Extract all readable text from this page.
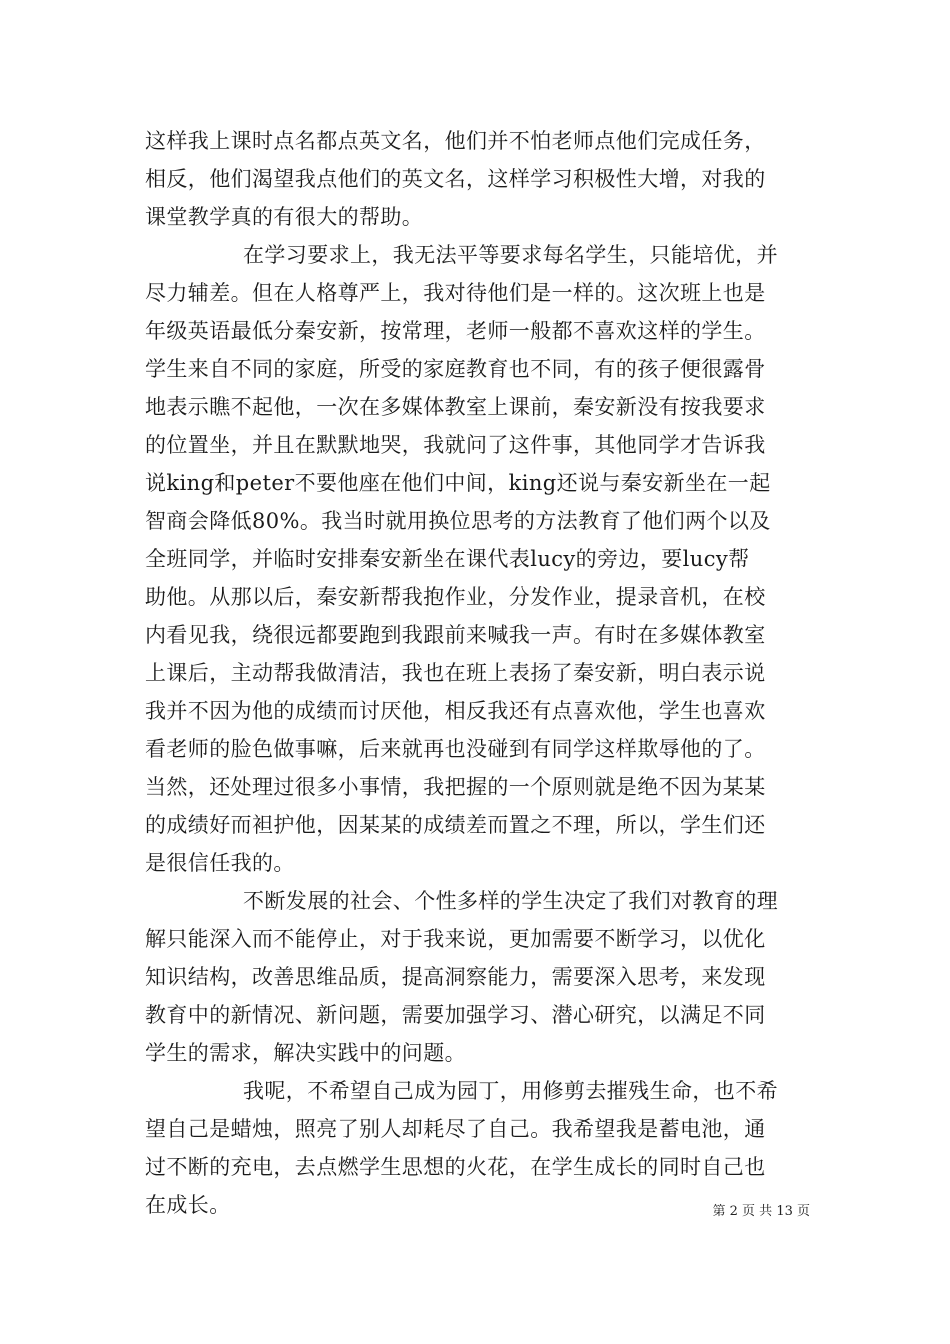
这样我上课时点名都点英文名，他们并不怕老师点他们完成任务，
相反，他们渴望我点他们的英文名，这样学习积极性大增，对我的
课堂教学真的有很大的帮助。
在学习要求上，我无法平等要求每名学生，只能培优，并
尽力辅差。但在人格尊严上，我对待他们是一样的。这次班上也是
年级英语最低分秦安新，按常理，老师一般都不喜欢这样的学生。
学生来自不同的家庭，所受的家庭教育也不同，有的孩子便很露骨
地表示瞧不起他，一次在多媒体教室上课前，秦安新没有按我要求
的位置坐，并且在默默地哭，我就问了这件事，其他同学才告诉我
说king和peter不要他座在他们中间，king还说与秦安新坐在一起
智商会降低80%。我当时就用换位思考的方法教育了他们两个以及
全班同学，并临时安排秦安新坐在课代表lucy的旁边，要lucy帮
助他。从那以后，秦安新帮我抱作业，分发作业，提录音机，在校
内看见我，绕很远都要跑到我跟前来喊我一声。有时在多媒体教室
上课后，主动帮我做清洁，我也在班上表扬了秦安新，明白表示说
我并不因为他的成绩而讨厌他，相反我还有点喜欢他，学生也喜欢
看老师的脸色做事嘛，后来就再也没碰到有同学这样欺辱他的了。
当然，还处理过很多小事情，我把握的一个原则就是绝不因为某某
的成绩好而袒护他，因某某的成绩差而置之不理，所以，学生们还
是很信任我的。
不断发展的社会、个性多样的学生决定了我们对教育的理
解只能深入而不能停止，对于我来说，更加需要不断学习，以优化
知识结构，改善思维品质，提高洞察能力，需要深入思考，来发现
教育中的新情况、新问题，需要加强学习、潜心研究，以满足不同
学生的需求，解决实践中的问题。
我呢，不希望自己成为园丁，用修剪去摧残生命，也不希
望自己是蜡烛，照亮了别人却耗尽了自己。我希望我是蓄电池，通
过不断的充电，去点燃学生思想的火花，在学生成长的同时自己也
在成长。	第 2 页 共 13 页
